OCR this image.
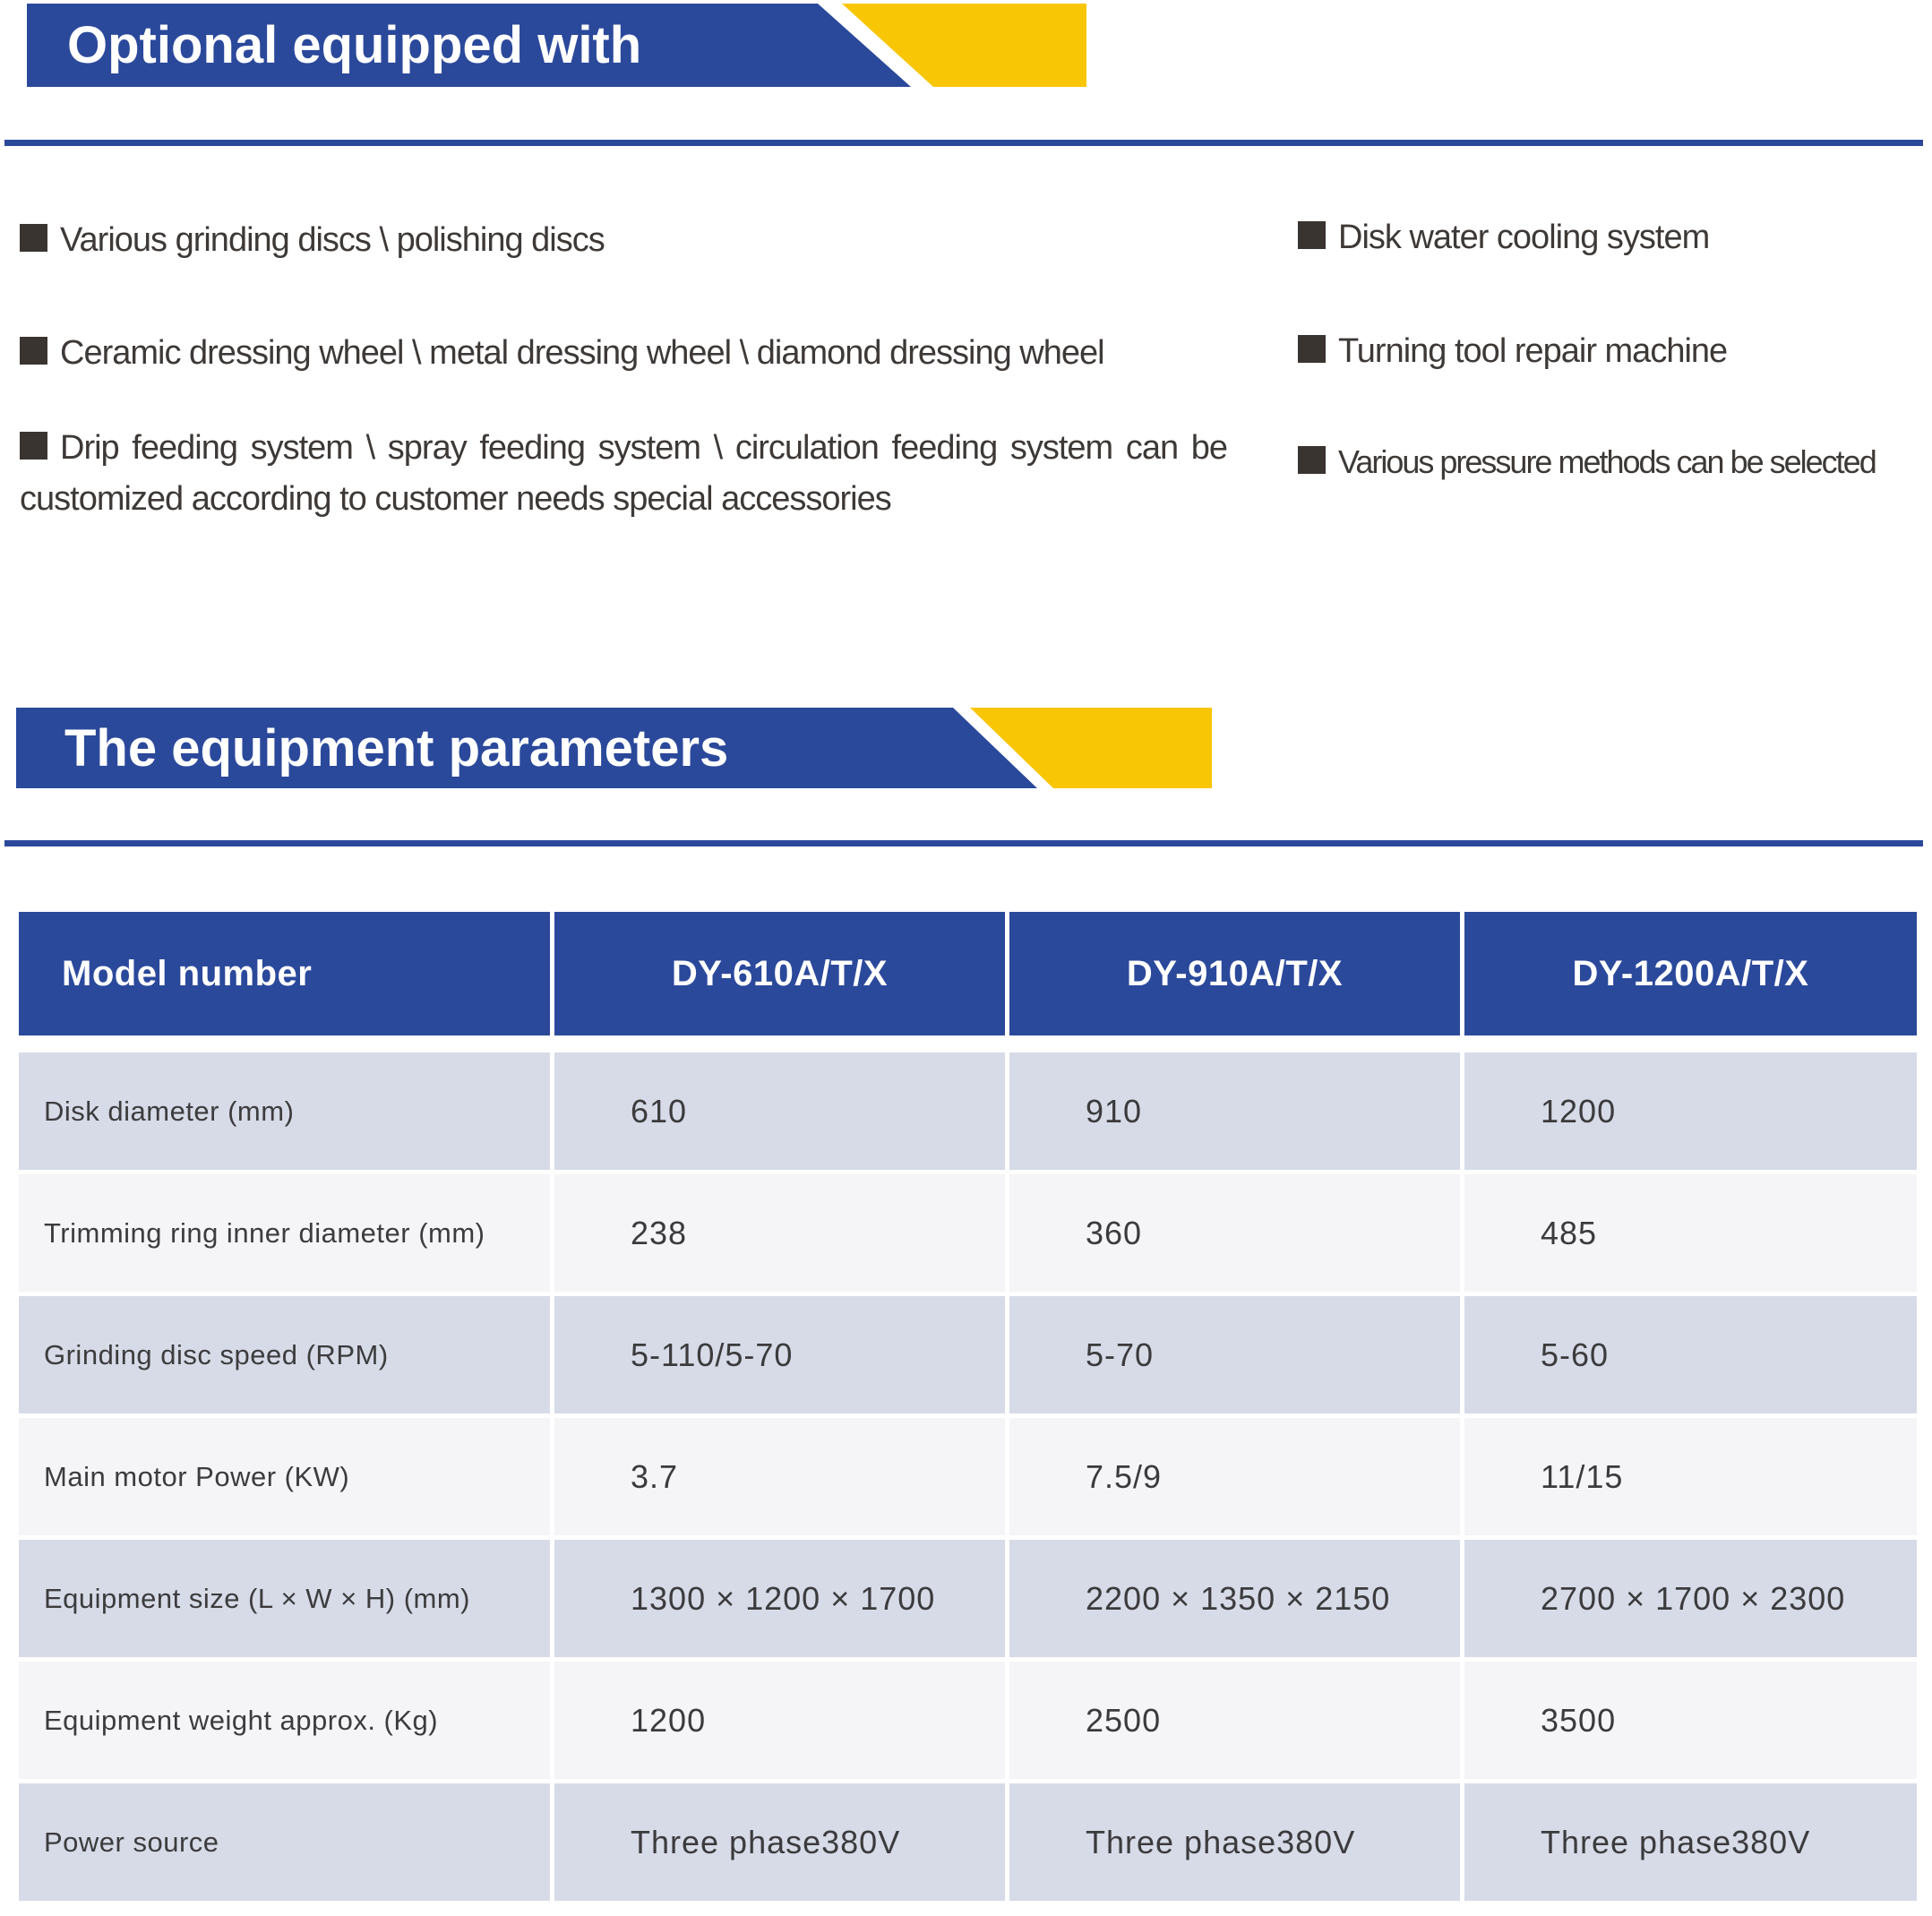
Optional equipped with
Various grinding discs \ polishing discs
Ceramic dressing wheel \ metal dressing wheel \ diamond dressing wheel
Drip feeding system \ spray feeding system \ circulation feeding system can be customized according to customer needs special accessories
Disk water cooling system
Turning tool repair machine
Various pressure methods can be selected
The equipment parameters
Model number	DY-610A/T/X	DY-910A/T/X	DY-1200A/T/X
Disk diameter (mm)	610	910	1200
Trimming ring inner diameter (mm)	238	360	485
Grinding disc speed (RPM)	5-110/5-70	5-70	5-60
Main motor Power (KW)	3.7	7.5/9	11/15
Equipment size (L × W × H) (mm)	1300 × 1200 × 1700	2200 × 1350 × 2150	2700 × 1700 × 2300
Equipment weight approx. (Kg)	1200	2500	3500
Power source	Three phase380V	Three phase380V	Three phase380V
